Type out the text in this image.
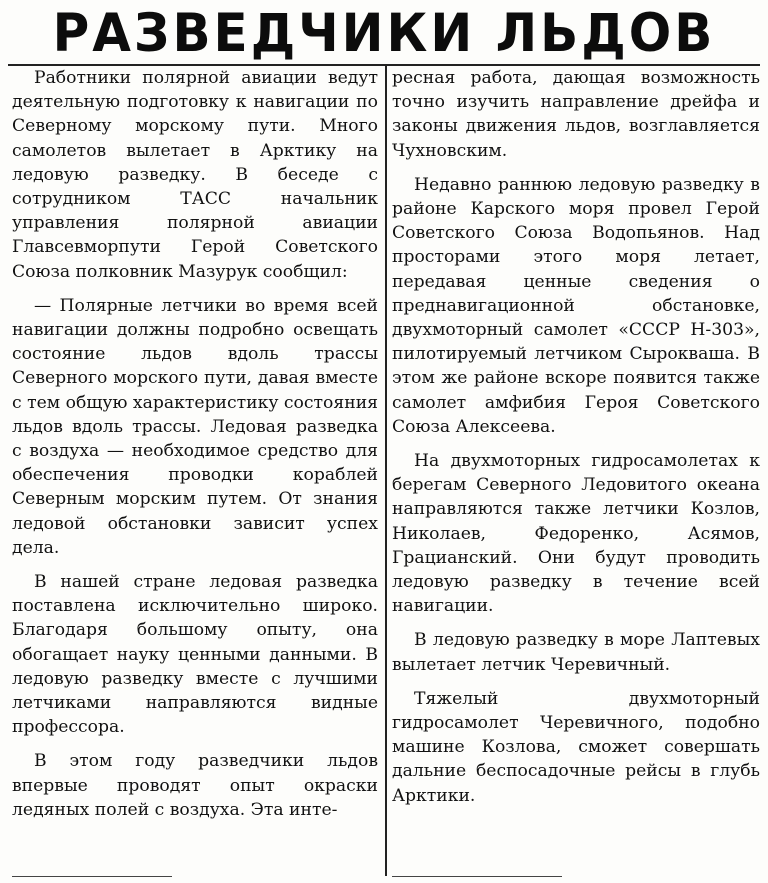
РАЗВЕДЧИКИ ЛЬДОВ

Работники полярной авиации ведут деятельную подготовку к навигации по Северному морскому пути. Много самолетов вылетает в Арктику на ледовую разведку. В беседе с сотрудником ТАСС начальник управления полярной авиации Главсевморпути Герой Советского Союза полковник Мазурук сообщил:

— Полярные летчики во время всей навигации должны подробно освещать состояние льдов вдоль трассы Северного морского пути, давая вместе с тем общую характеристику состояния льдов вдоль трассы. Ледовая разведка с воздуха — необходимое средство для обеспечения проводки кораблей Северным морским путем. От знания ледовой обстановки зависит успех дела.

В нашей стране ледовая разведка поставлена исключительно широко. Благодаря большому опыту, она обогащает науку ценными данными. В ледовую разведку вместе с лучшими летчиками направляются видные профессора.

В этом году разведчики льдов впервые проводят опыт окраски ледяных полей с воздуха. Эта инте-

ресная работа, дающая возможность точно изучить направление дрейфа и законы движения льдов, возглавляется Чухновским.

Недавно раннюю ледовую разведку в районе Карского моря провел Герой Советского Союза Водопьянов. Над просторами этого моря летает, передавая ценные сведения о преднавигационной обстановке, двухмоторный самолет «СССР Н-303», пилотируемый летчиком Сыроквашa. В этом же районе вскоре появится также самолет амфибия Героя Советского Союза Алексеева.

На двухмоторных гидросамолетах к берегам Северного Ледовитого океана направляются также летчики Козлов, Николаев, Федоренко, Асямов, Грацианский. Они будут проводить ледовую разведку в течение всей навигации.

В ледовую разведку в море Лаптевых вылетает летчик Черевичный.

Тяжелый двухмоторный гидросамолет Черевичного, подобно машине Козлова, сможет совершать дальние беспосадочные рейсы в глубь Арктики.
